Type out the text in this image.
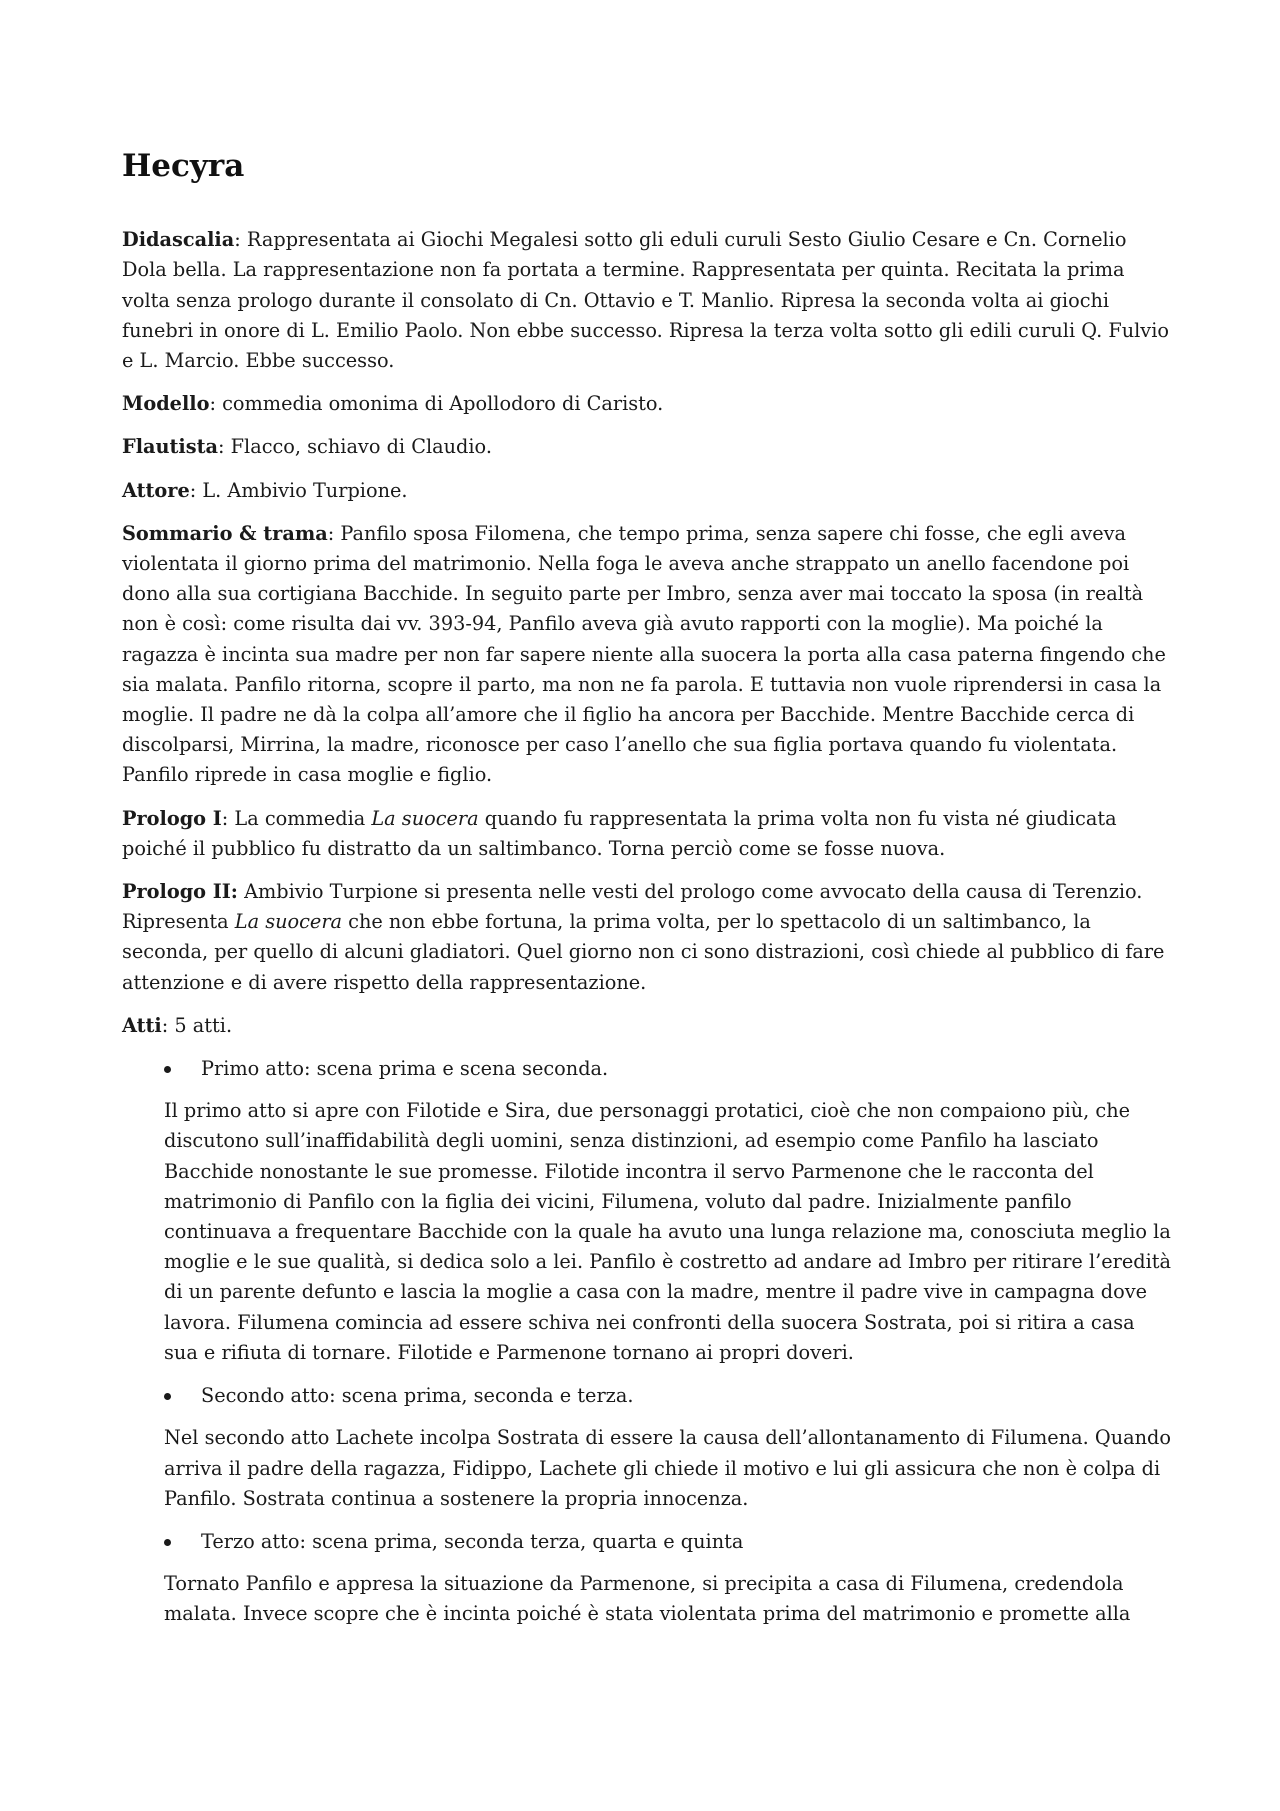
Hecyra

Didascalia: Rappresentata ai Giochi Megalesi sotto gli eduli curuli Sesto Giulio Cesare e Cn. Cornelio Dola bella. La rappresentazione non fa portata a termine. Rappresentata per quinta. Recitata la prima volta senza prologo durante il consolato di Cn. Ottavio e T. Manlio. Ripresa la seconda volta ai giochi funebri in onore di L. Emilio Paolo. Non ebbe successo. Ripresa la terza volta sotto gli edili curuli Q. Fulvio e L. Marcio. Ebbe successo.

Modello: commedia omonima di Apollodoro di Caristo.

Flautista: Flacco, schiavo di Claudio.

Attore: L. Ambivio Turpione.

Sommario & trama: Panfilo sposa Filomena, che tempo prima, senza sapere chi fosse, che egli aveva violentata il giorno prima del matrimonio. Nella foga le aveva anche strappato un anello facendone poi dono alla sua cortigiana Bacchide. In seguito parte per Imbro, senza aver mai toccato la sposa (in realtà non è così: come risulta dai vv. 393-94, Panfilo aveva già avuto rapporti con la moglie). Ma poiché la ragazza è incinta sua madre per non far sapere niente alla suocera la porta alla casa paterna fingendo che sia malata. Panfilo ritorna, scopre il parto, ma non ne fa parola. E tuttavia non vuole riprendersi in casa la moglie. Il padre ne dà la colpa all’amore che il figlio ha ancora per Bacchide. Mentre Bacchide cerca di discolparsi, Mirrina, la madre, riconosce per caso l’anello che sua figlia portava quando fu violentata. Panfilo riprede in casa moglie e figlio.

Prologo I: La commedia La suocera quando fu rappresentata la prima volta non fu vista né giudicata poiché il pubblico fu distratto da un saltimbanco. Torna perciò come se fosse nuova.

Prologo II: Ambivio Turpione si presenta nelle vesti del prologo come avvocato della causa di Terenzio. Ripresenta La suocera che non ebbe fortuna, la prima volta, per lo spettacolo di un saltimbanco, la seconda, per quello di alcuni gladiatori. Quel giorno non ci sono distrazioni, così chiede al pubblico di fare attenzione e di avere rispetto della rappresentazione.

Atti: 5 atti.

Primo atto: scena prima e scena seconda.

Il primo atto si apre con Filotide e Sira, due personaggi protatici, cioè che non compaiono più, che discutono sull’inaffidabilità degli uomini, senza distinzioni, ad esempio come Panfilo ha lasciato Bacchide nonostante le sue promesse. Filotide incontra il servo Parmenone che le racconta del matrimonio di Panfilo con la figlia dei vicini, Filumena, voluto dal padre. Inizialmente panfilo continuava a frequentare Bacchide con la quale ha avuto una lunga relazione ma, conosciuta meglio la moglie e le sue qualità, si dedica solo a lei. Panfilo è costretto ad andare ad Imbro per ritirare l’eredità di un parente defunto e lascia la moglie a casa con la madre, mentre il padre vive in campagna dove lavora. Filumena comincia ad essere schiva nei confronti della suocera Sostrata, poi si ritira a casa sua e rifiuta di tornare. Filotide e Parmenone tornano ai propri doveri.

Secondo atto: scena prima, seconda e terza.

Nel secondo atto Lachete incolpa Sostrata di essere la causa dell’allontanamento di Filumena. Quando arriva il padre della ragazza, Fidippo, Lachete gli chiede il motivo e lui gli assicura che non è colpa di Panfilo. Sostrata continua a sostenere la propria innocenza.

Terzo atto: scena prima, seconda terza, quarta e quinta

Tornato Panfilo e appresa la situazione da Parmenone, si precipita a casa di Filumena, credendola malata. Invece scopre che è incinta poiché è stata violentata prima del matrimonio e promette alla
